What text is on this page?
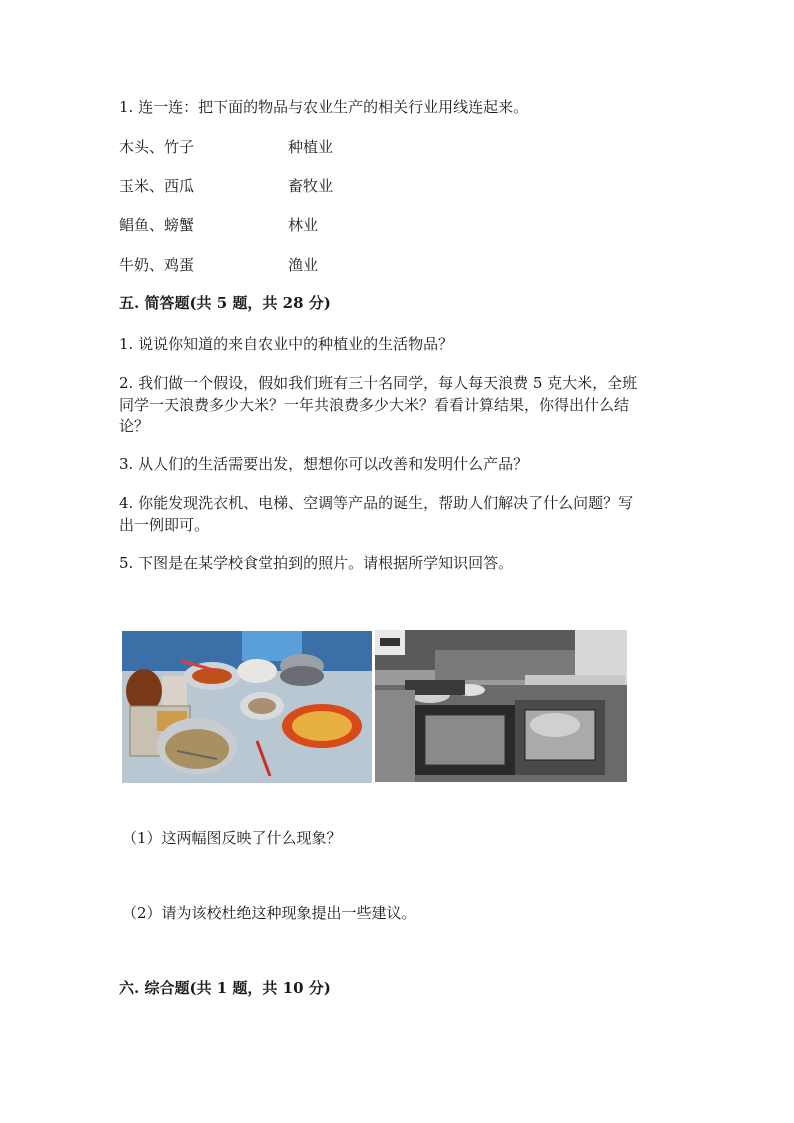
1. 连一连：把下面的物品与农业生产的相关行业用线连起来。
木头、竹子	种植业
玉米、西瓜	畜牧业
鲳鱼、螃蟹	林业
牛奶、鸡蛋	渔业
五. 简答题(共 5 题，共 28 分)
1. 说说你知道的来自农业中的种植业的生活物品？
2. 我们做一个假设，假如我们班有三十名同学，每人每天浪费 5 克大米，全班
同学一天浪费多少大米？一年共浪费多少大米？看看计算结果，你得出什么结
论？
3. 从人们的生活需要出发，想想你可以改善和发明什么产品？
4. 你能发现洗衣机、电梯、空调等产品的诞生，帮助人们解决了什么问题？写
出一例即可。
5. 下图是在某学校食堂拍到的照片。请根据所学知识回答。
（1）这两幅图反映了什么现象？
（2）请为该校杜绝这种现象提出一些建议。
六. 综合题(共 1 题，共 10 分)
